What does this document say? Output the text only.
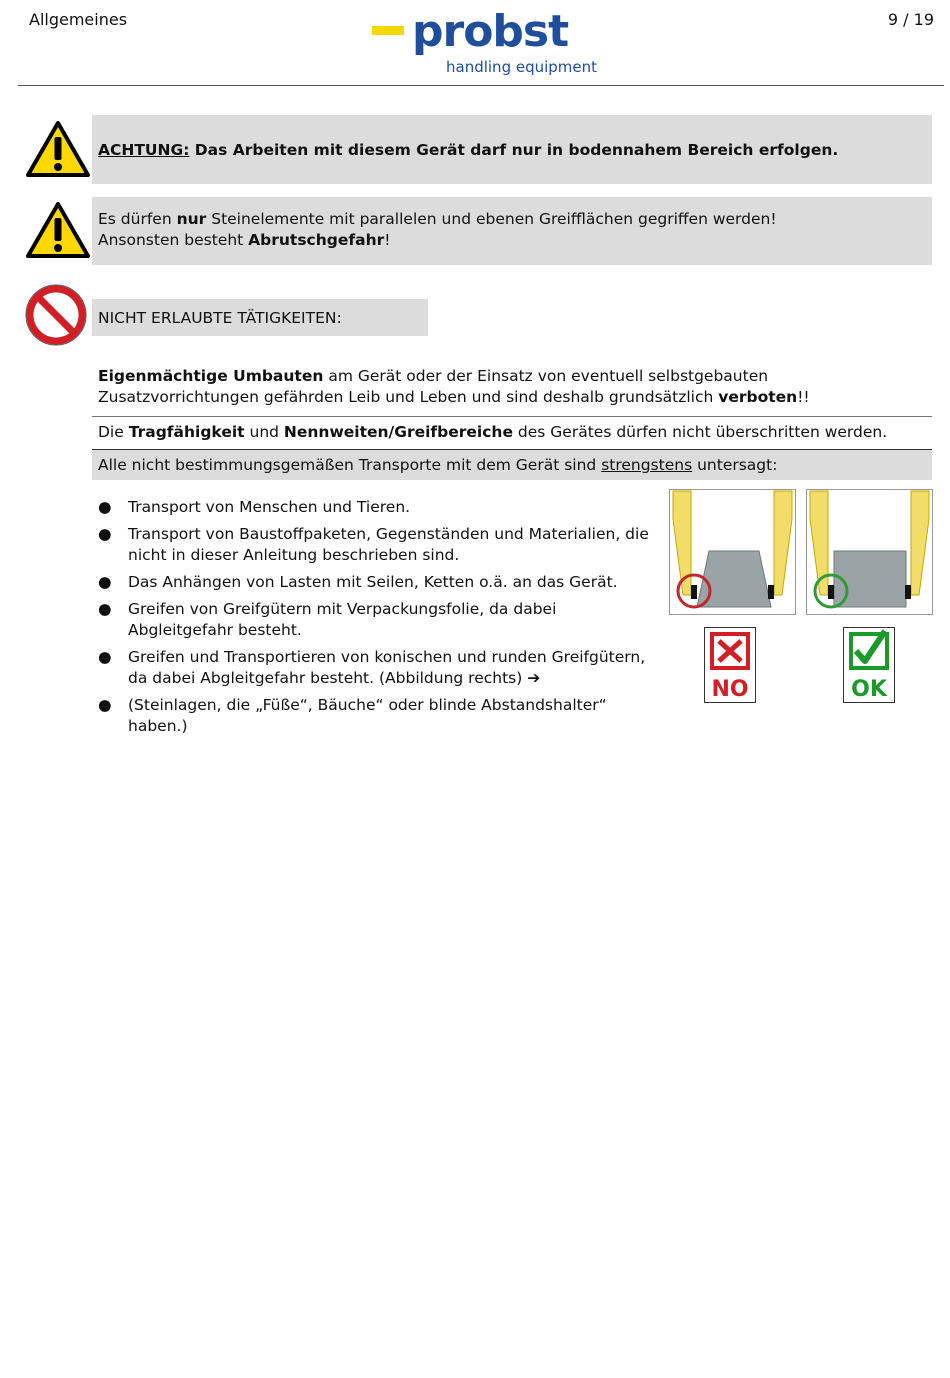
Allgemeines	9 / 19
probst
handling equipment
ACHTUNG: Das Arbeiten mit diesem Gerät darf nur in bodennahem Bereich erfolgen.
Es dürfen nur Steinelemente mit parallelen und ebenen Greifflächen gegriffen werden!
Ansonsten besteht Abrutschgefahr!
NICHT ERLAUBTE TÄTIGKEITEN:
Eigenmächtige Umbauten am Gerät oder der Einsatz von eventuell selbstgebauten Zusatzvorrichtungen gefährden Leib und Leben und sind deshalb grundsätzlich verboten!!
Die Tragfähigkeit und Nennweiten/Greifbereiche des Gerätes dürfen nicht überschritten werden.
Alle nicht bestimmungsgemäßen Transporte mit dem Gerät sind strengstens untersagt:
● Transport von Menschen und Tieren.
● Transport von Baustoffpaketen, Gegenständen und Materialien, die nicht in dieser Anleitung beschrieben sind.
● Das Anhängen von Lasten mit Seilen, Ketten o.ä. an das Gerät.
● Greifen von Greifgütern mit Verpackungsfolie, da dabei Abgleitgefahr besteht.
● Greifen und Transportieren von konischen und runden Greifgütern, da dabei Abgleitgefahr besteht. (Abbildung rechts) ➔
● (Steinlagen, die „Füße“, Bäuche“ oder blinde Abstandshalter“ haben.)
NO	OK
